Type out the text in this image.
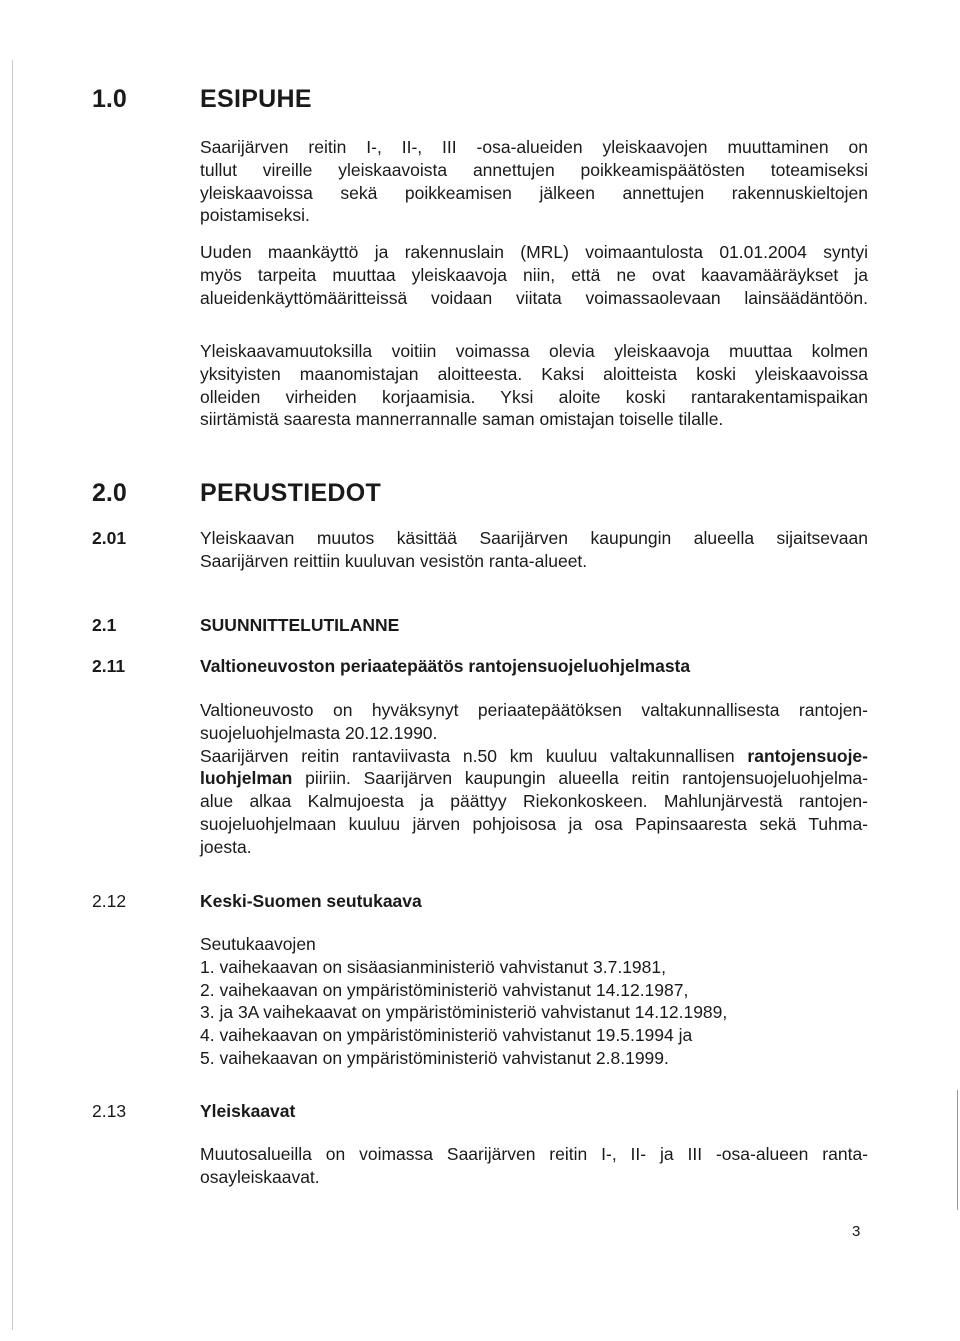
1.0	ESIPUHE

Saarijärven reitin I-, II-, III -osa-alueiden yleiskaavojen muuttaminen on
tullut vireille yleiskaavoista annettujen poikkeamispäätösten toteamiseksi
yleiskaavoissa sekä poikkeamisen jälkeen annettujen rakennuskieltojen
poistamiseksi.
Uuden maankäyttö ja rakennuslain (MRL) voimaantulosta 01.01.2004 syntyi
myös tarpeita muuttaa yleiskaavoja niin, että ne ovat kaavamääräykset ja
alueidenkäyttömääritteissä voidaan viitata voimassaolevaan lainsäädäntöön.
Yleiskaavamuutoksilla voitiin voimassa olevia yleiskaavoja muuttaa kolmen
yksityisten maanomistajan aloitteesta. Kaksi aloitteista koski yleiskaavoissa
olleiden virheiden korjaamisia. Yksi aloite koski rantarakentamispaikan
siirtämistä saaresta mannerrannalle saman omistajan toiselle tilalle.

2.0	PERUSTIEDOT

2.01	Yleiskaavan muutos käsittää Saarijärven kaupungin alueella sijaitsevaan
Saarijärven reittiin kuuluvan vesistön ranta-alueet.

2.1	SUUNNITTELUTILANNE

2.11	Valtioneuvoston periaatepäätös rantojensuojeluohjelmasta

Valtioneuvosto on hyväksynyt periaatepäätöksen valtakunnallisesta rantojen-
suojeluohjelmasta 20.12.1990.
Saarijärven reitin rantaviivasta n.50 km kuuluu valtakunnallisen rantojensuoje-
luohjelman piiriin. Saarijärven kaupungin alueella reitin rantojensuojeluohjelma-
alue alkaa Kalmujoesta ja päättyy Riekonkoskeen. Mahlunjärvestä rantojen-
suojeluohjelmaan kuuluu järven pohjoisosa ja osa Papinsaaresta sekä Tuhma-
joesta.

2.12	Keski-Suomen seutukaava

Seutukaavojen
1. vaihekaavan on sisäasianministeriö vahvistanut 3.7.1981,
2. vaihekaavan on ympäristöministeriö vahvistanut 14.12.1987,
3. ja 3A vaihekaavat on ympäristöministeriö vahvistanut 14.12.1989,
4. vaihekaavan on ympäristöministeriö vahvistanut 19.5.1994 ja
5. vaihekaavan on ympäristöministeriö vahvistanut 2.8.1999.

2.13	Yleiskaavat

Muutosalueilla on voimassa Saarijärven reitin I-, II- ja III -osa-alueen ranta-
osayleiskaavat.

3
